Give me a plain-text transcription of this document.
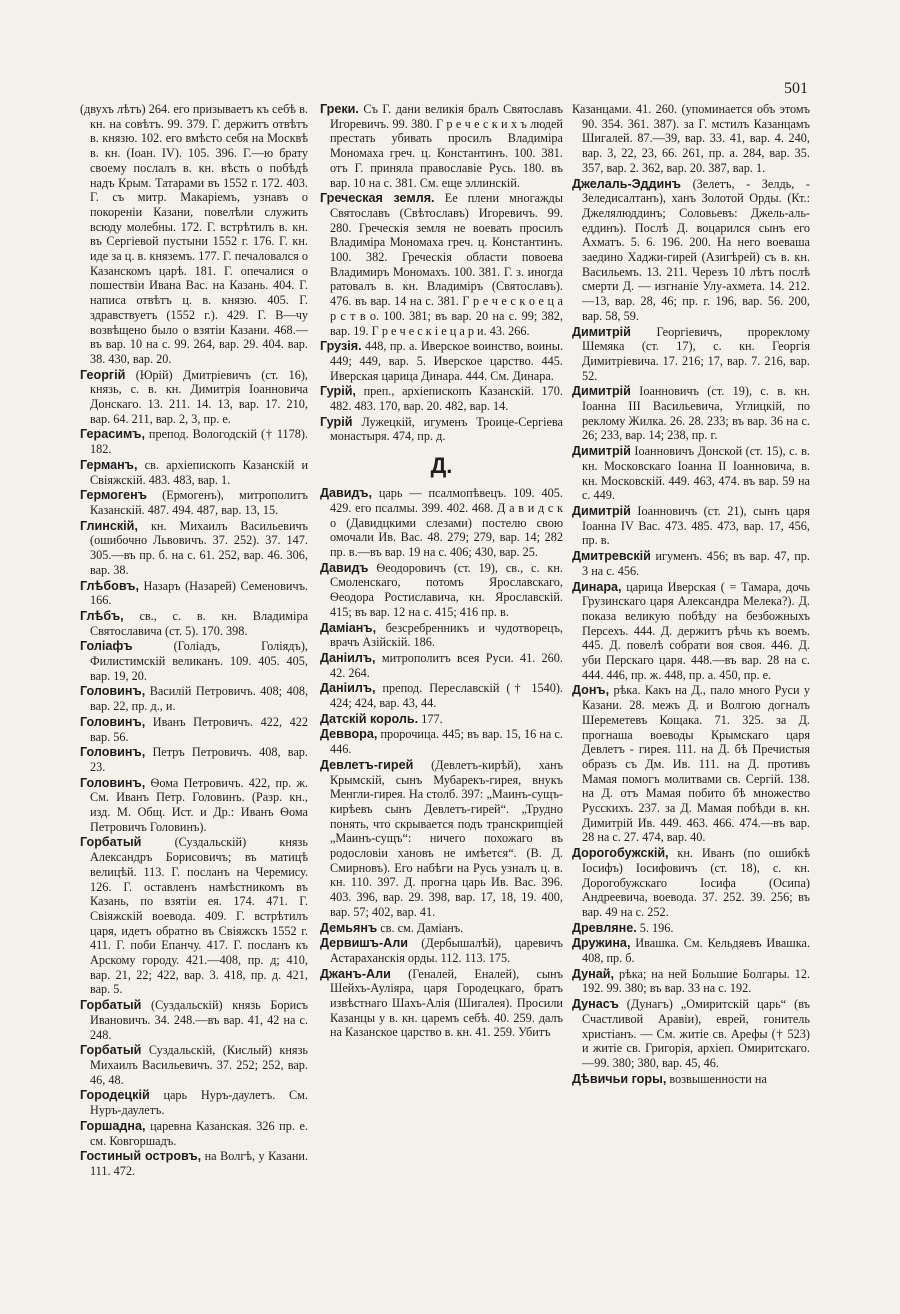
501

(двухъ лѣтъ) 264. его призываетъ къ себѣ в. кн. на совѣтъ. 99. 379. Г. держитъ отвѣтъ в. князю. 102. его вмѣсто себя на Москвѣ в. кн. (Іоан. IV). 105. 396. Г.—ю брату своему послалъ в. кн. вѣсть о побѣдѣ надъ Крым. Татарами въ 1552 г. 172. 403. Г. съ митр. Макаріемъ, узнавъ о покореніи Казани, повелѣли служить всюду молебны. 172. Г. встрѣтилъ в. кн. въ Сергіевой пустыни 1552 г. 176. Г. кн. иде за ц. в. княземъ. 177. Г. печаловался о Казанскомъ царѣ. 181. Г. опечалися о пошествіи Ивана Вас. на Казань. 404. Г. написа отвѣтъ ц. в. князю. 405. Г. здравствуетъ (1552 г.). 429. Г. В—чу возвѣщено было о взятіи Казани. 468.—въ вар. 10 на с. 99. 264, вар. 29. 404. вар. 38. 430, вар. 20.

Георгій (Юрій) Дмитріевичъ (ст. 16), князь, с. в. кн. Димитрія Іоанновича Донскаго. 13. 211. 14. 13, вар. 17. 210, вар. 64. 211, вар. 2, 3, пр. е.

Герасимъ, препод. Вологодскій († 1178). 182.

Германъ, св. архіепископъ Казанскій и Свіяжскій. 483. 483, вар. 1.

Гермогенъ (Ермогенъ), митрополитъ Казанскій. 487. 494. 487, вар. 13, 15.

Глинскій, кн. Михаилъ Васильевичъ (ошибочно Львовичъ. 37. 252). 37. 147. 305.—въ пр. б. на с. 61. 252, вар. 46. 306, вар. 38.

Глѣбовъ, Назаръ (Назарей) Семеновичъ. 166.

Глѣбъ, св., с. в. кн. Владиміра Святославича (ст. 5). 170. 398.

Голіафъ	(Голіадъ, Голіядъ), Филистимскій великанъ. 109. 405. 405, вар. 19, 20.

Головинъ, Василій Петровичъ. 408; 408, вар. 22, пр. д., и.

Головинъ, Иванъ Петровичъ. 422, 422 вар. 56.

Головинъ, Петръ Петровичъ. 408, вар. 23.

Головинъ, Ѳома Петровичъ. 422, пр. ж. См. Иванъ Петр. Головинъ. (Разр. кн., изд. М. Общ. Ист. и Др.: Иванъ Ѳома Петровичъ Головинъ).

Горбатый	(Суздальскій) князь Александръ Борисовичъ; въ матицѣ велицѣй. 113. Г. посланъ на Черемису. 126. Г. оставленъ намѣстникомъ въ Казань, по взятіи ея. 174. 471. Г. Свіяжскій воевода. 409. Г. встрѣтилъ царя, идетъ обратно въ Свіяжскъ 1552 г. 411. Г. поби Епанчу. 417. Г. посланъ къ Арскому городу. 421.—408, пр. д; 410, вар. 21, 22; 422, вар. 3. 418, пр. д. 421, вар. 5.

Горбатый (Суздальскій) князь Борисъ Ивановичъ. 34. 248.—въ вар. 41, 42 на с. 248.

Горбатый Суздальскій, (Кислый) князь Михаилъ Васильевичъ. 37. 252; 252, вар. 46, 48.

Городецкій царь Нуръ-даулетъ. См. Нуръ-даулетъ.

Горшадна, царевна Казанская. 326 пр. е. см. Ковгоршадъ.

Гостиный островъ, на Волгѣ, у Казани. 111. 472.

Греки. Съ Г. дани великія бралъ Святославъ Игоревичъ. 99. 380. Г р е ч е с к и х ъ людей престать убивать просилъ Владиміра Мономаха греч. ц. Константинъ. 100. 381. отъ Г. приняла православіе Русь. 180. въ вар. 10 на с. 381. См. еще эллинскій.

Греческая земля. Ее плени многажды Святославъ (Свѣтославъ) Игоревичъ. 99. 280. Греческія земля не воевать просилъ Владиміра Мономаха греч. ц. Константинъ. 100. 382. Греческія области повоева Владимиръ Мономахъ. 100. 381. Г. з. иногда ратовалъ в. кн. Владиміръ (Святославъ). 476. въ вар. 14 на с. 381. Г р е ч е с к о е ц а р с т в о. 100. 381; въ вар. 20 на с. 99; 382, вар. 19. Г р е ч е с к і е ц а р и. 43. 266.

Грузія. 448, пр. а. Иверское воинство, воины. 449; 449, вар. 5. Иверское царство. 445. Иверская царица Динара. 444. См. Динара.

Гурій, преп., архіепископъ Казанскій. 170. 482. 483. 170, вар. 20. 482, вар. 14.

Гурій Лужецкій, игуменъ Троице-Сергіева монастыря. 474, пр. д.

Д.

Давидъ, царь — псалмопѣвецъ. 109. 405. 429. его псалмы. 399. 402. 468. Д а в и д с к о (Давидцкими слезами) постелю свою омочали Ив. Вас. 48. 279; 279, вар. 14; 282 пр. в.—въ вар. 19 на с. 406; 430, вар. 25.

Давидъ Ѳеодоровичъ (ст. 19), св., с. кн. Смоленскаго, потомъ Ярославскаго, Ѳеодора Ростиславича, кн. Ярославскій. 415; въ вар. 12 на с. 415; 416 пр. в.

Даміанъ, безсребренникъ и чудотворецъ, врачъ Азійскій. 186.

Даніилъ, митрополитъ всея Руси. 41. 260. 42. 264.

Даніилъ, препод. Переславскій († 1540). 424; 424, вар. 43, 44.

Датскій король. 177.

Деввора, пророчица. 445; въ вар. 15, 16 на с. 446.

Девлетъ-гирей (Девлетъ-кирѣй), ханъ Крымскій, сынъ Мубарекъ-гирея, внукъ Менгли-гирея. На столб. 397: „Маинъ-сущъ-кирѣевъ сынъ Девлетъ-гирей“. „Трудно понять, что скрывается подъ транскрипціей „Маинъ-сущъ“: ничего похожаго въ родословіи хановъ не имѣется“. (В. Д. Смирновъ). Его набѣги на Русь узналъ ц. в. кн. 110. 397. Д. прогна царь Ив. Вас. 396. 403. 396, вар. 29. 398, вар. 17, 18, 19. 400, вар. 57; 402, вар. 41.

Демьянъ св. см. Даміанъ.

Дервишъ-Али (Дербышалѣй), царевичъ Астараханскія орды. 112. 113. 175.

Джанъ-Али (Геналей, Еналей), сынъ Шейхъ-Ауліяра, царя Городецкаго, братъ извѣстнаго Шахъ-Алія (Шигалея). Просили Казанцы у в. кн. царемъ себѣ. 40. 259. далъ на Казанское царство в. кн. 41. 259. Убитъ

Казанцами. 41. 260. (упоминается объ этомъ 90. 354. 361. 387). за Г. мстилъ Казанцамъ Шигалей. 87.—39, вар. 33. 41, вар. 4. 240, вар. 3, 22, 23, 66. 261, пр. а. 284, вар. 35. 357, вар. 2. 362, вар. 20. 387, вар. 1.

Джелаль-Эддинъ (Зелетъ, - Зелдь, - Зеледисалтанъ), ханъ Золотой Орды. (Кт.: Джелялюддинъ; Соловьевъ: Джель-аль-еддинъ). Послѣ Д. воцарился сынъ его Ахматъ. 5. 6. 196. 200. На него воеваша заедино Хаджи-гирей (Азигѣрей) съ в. кн. Васильемъ. 13. 211. Черезъ 10 лѣтъ послѣ смерти Д. — изгнаніе Улу-ахмета. 14. 212.—13, вар. 28, 46; пр. г. 196, вар. 56. 200, вар. 58, 59.

Димитрій Георгіевичъ, прорекломy Шемяка (ст. 17), с. кн. Георгія Димитріевича. 17. 216; 17, вар. 7. 216, вар. 52.

Димитрій Іоанновичъ (ст. 19), с. в. кн. Іоанна III Васильевича, Углицкій, по рекломy Жилка. 26. 28. 233; въ вар. 36 на с. 26; 233, вар. 14; 238, пр. г.

Димитрій Іоанновичъ Донской (ст. 15), с. в. кн. Московскаго Іоанна II Іоанновича, в. кн. Московскій. 449. 463, 474. въ вар. 59 на с. 449.

Димитрій Іоанновичъ (ст. 21), сынъ царя Іоанна IV Вас. 473. 485. 473, вар. 17, 456, пр. в.

Дмитревскій игуменъ. 456; въ вар. 47, пр. 3 на с. 456.

Динара, царица Иверская ( = Тамара, дочь Грузинскаго царя Александра Мелека?). Д. показа великую побѣду на безбожныхъ Персехъ. 444. Д. держитъ рѣчь къ воемъ. 445. Д. повелѣ собрати воя своя. 446. Д. уби Перскаго царя. 448.—въ вар. 28 на с. 444. 446, пр. ж. 448, пр. а. 450, пр. е.

Донъ, рѣка. Какъ на Д., пало много Руси у Казани. 28. межъ Д. и Волгою догналъ Шереметевъ Кощака. 71. 325. за Д. прогнаша воеводы Крымскаго царя Девлетъ - гирея. 111. на Д. бѣ Пречистыя образъ съ Дм. Ив. 111. на Д. противъ Мамая помогъ молитвами св. Сергій. 138. на Д. отъ Мамая побито бѣ множество Русскихъ. 237. за Д. Мамая побѣди в. кн. Димитрій Ив. 449. 463. 466. 474.—въ вар. 28 на с. 27. 474, вар. 40.

Дорогобужскій, кн. Иванъ (по ошибкѣ Іосифъ) Іосифовичъ (ст. 18), с. кн. Дорогобужскаго Іосифа (Осипа) Андреевича, воевода. 37. 252. 39. 256; въ вар. 49 на с. 252.

Древляне. 5. 196.

Дружина, Ивашка. См. Кельдяевъ Ивашка. 408, пр. б.

Дунай, рѣка; на ней Большие Болгары. 12. 192. 99. 380; въ вар. 33 на с. 192.

Дунасъ (Дунагъ) „Омиритскій царь“ (въ Счастливой Аравіи), еврей, гонитель христіанъ. — См. житіе св. Арефы († 523) и житіе св. Григорія, архіеп. Омиритскаго.—99. 380; 380, вар. 45, 46.

Дѣвичьи горы, возвышенности на
